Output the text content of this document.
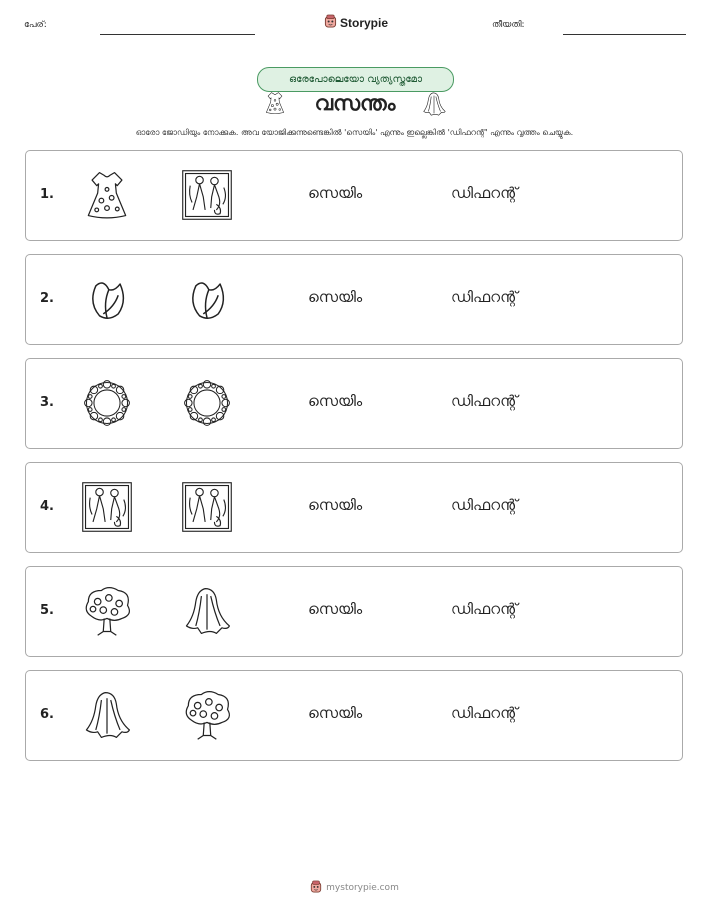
പേര്:	Storypie	തീയതി:
ഒരേപോലെയോ വ്യത്യസ്തമോ
വസന്തം
ഓരോ ജോഡിയും നോക്കുക. അവ യോജിക്കുന്നുണ്ടെങ്കിൽ 'സെയിം' എന്നും ഇല്ലെങ്കിൽ 'ഡിഫറന്റ്' എന്നും വൃത്തം ചെയ്യുക.
1.	സെയിം	ഡിഫറന്റ്
2.	സെയിം	ഡിഫറന്റ്
3.	സെയിം	ഡിഫറന്റ്
4.	സെയിം	ഡിഫറന്റ്
5.	സെയിം	ഡിഫറന്റ്
6.	സെയിം	ഡിഫറന്റ്
mystorypie.com
